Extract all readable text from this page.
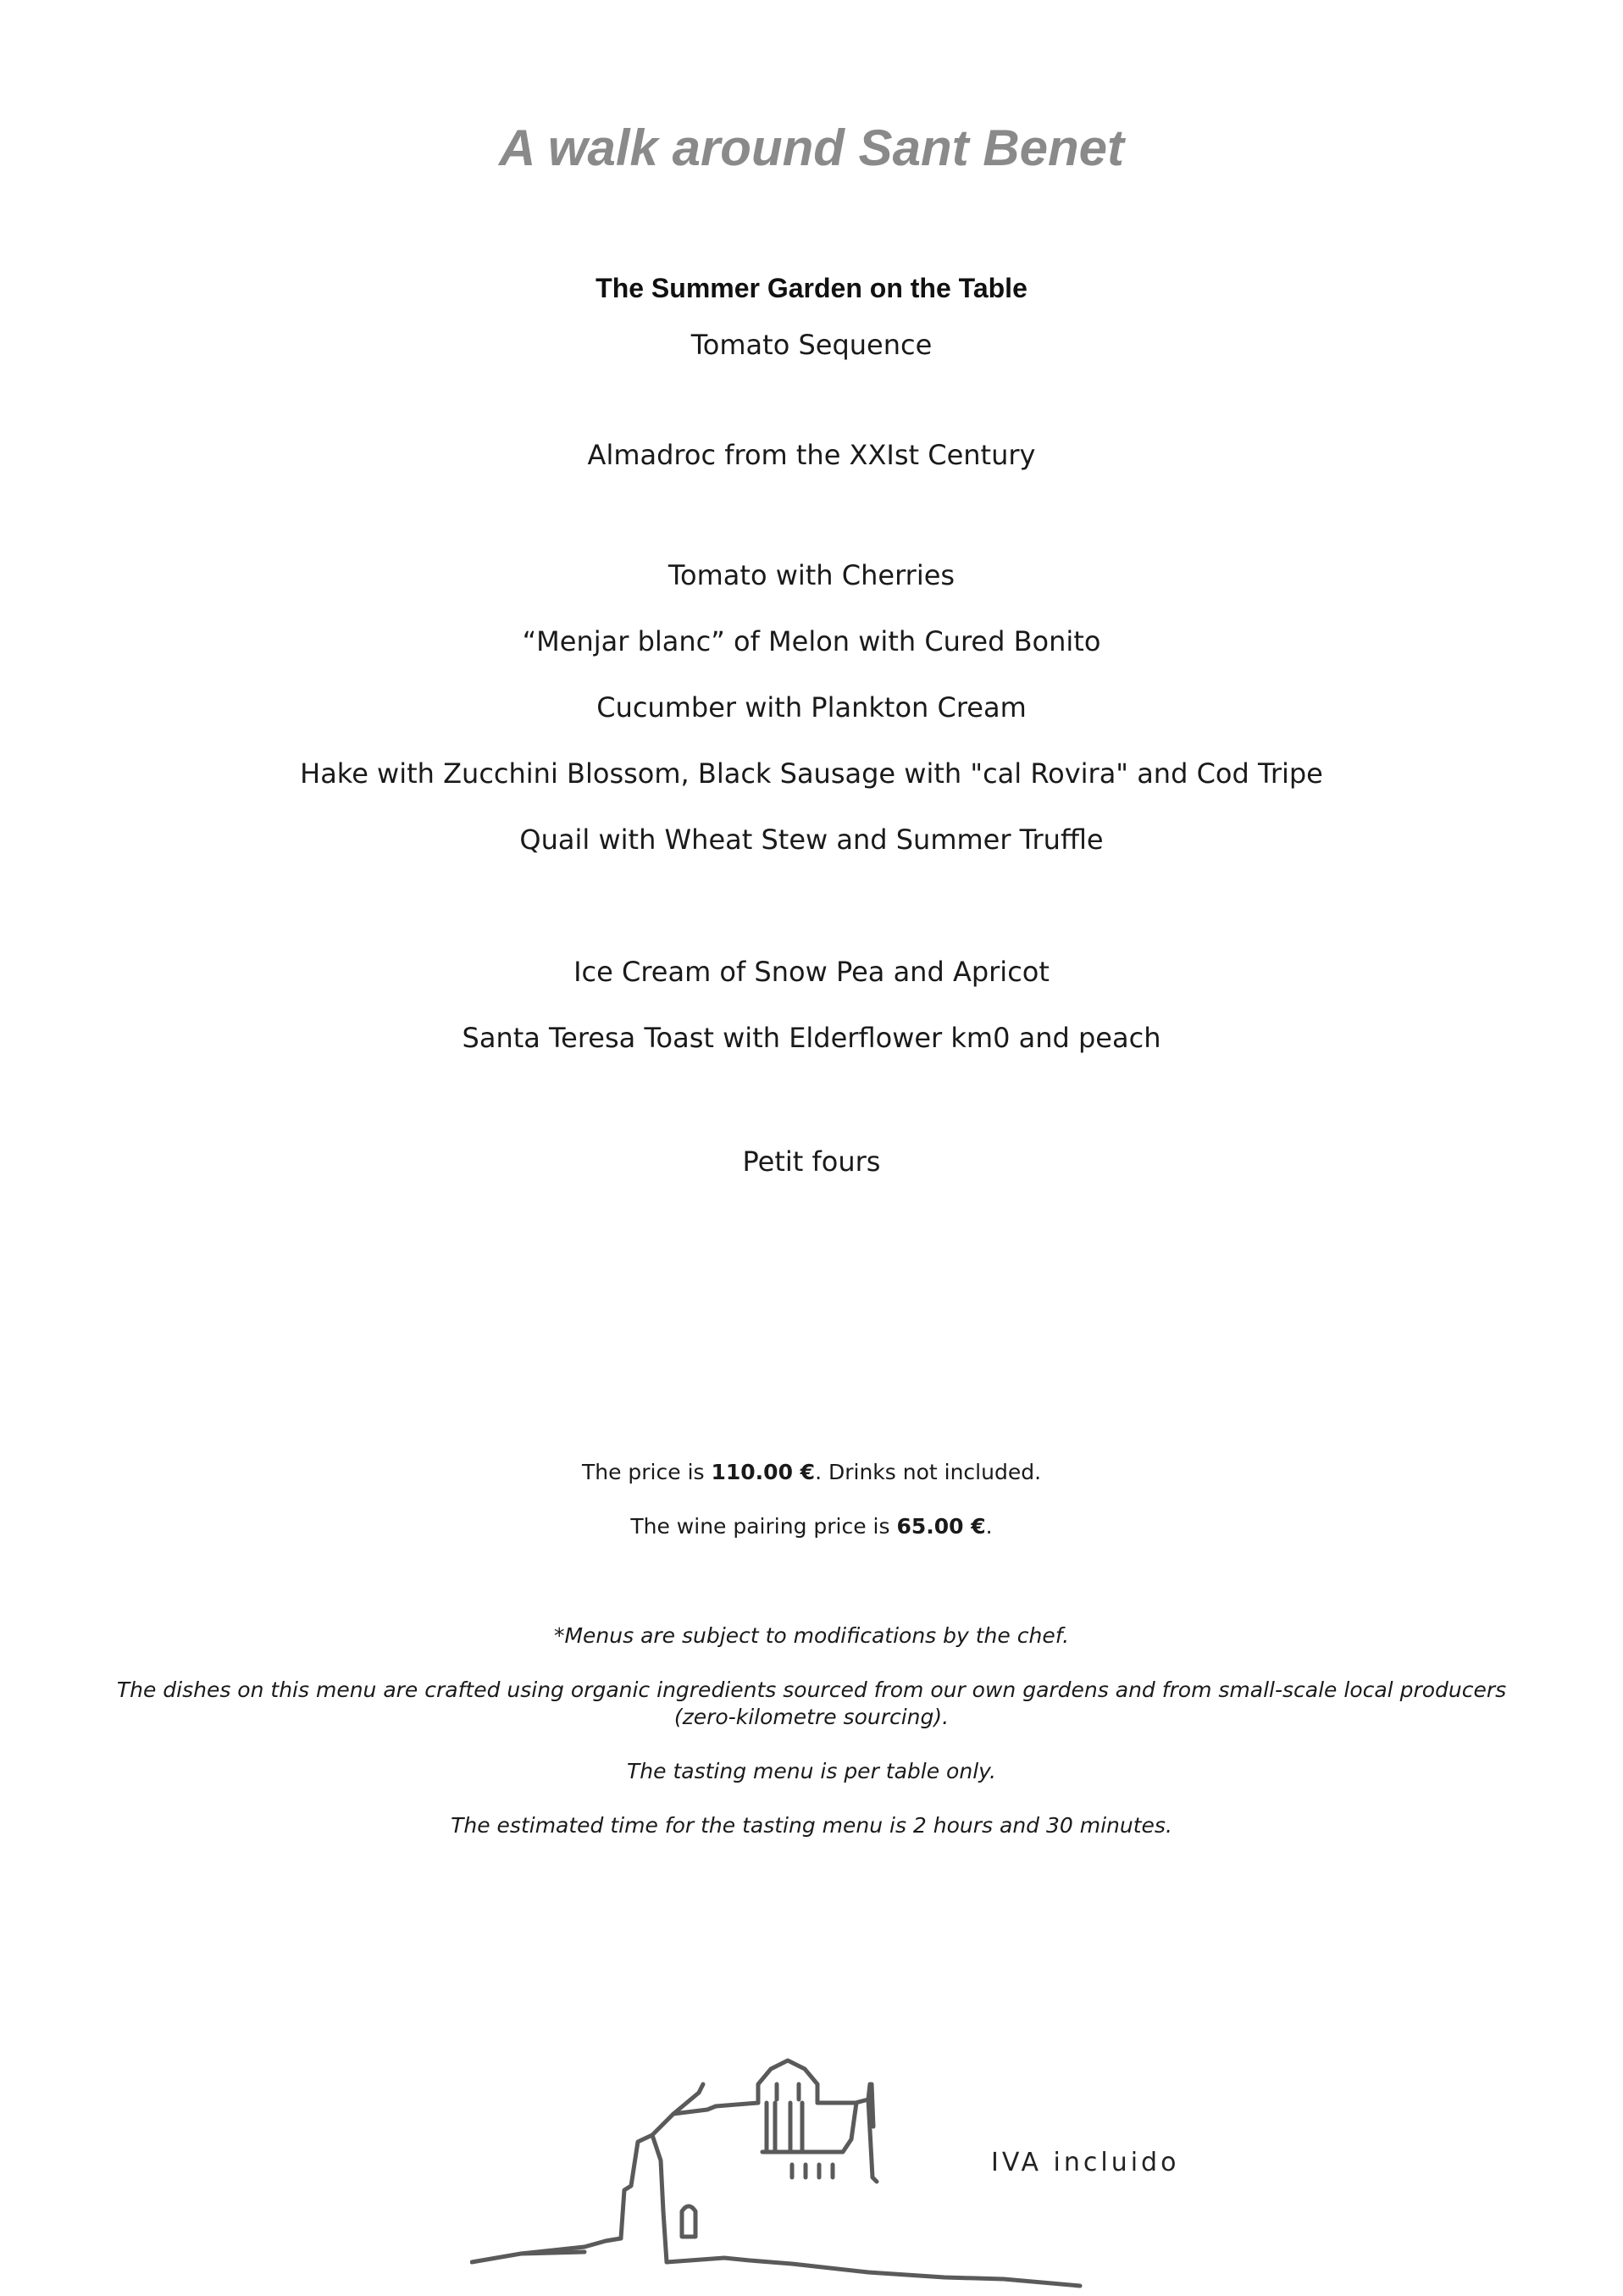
A walk around Sant Benet
The Summer Garden on the Table
Tomato Sequence
Almadroc from the XXIst Century
Tomato with Cherries
“Menjar blanc” of Melon with Cured Bonito
Cucumber with Plankton Cream
Hake with Zucchini Blossom, Black Sausage with "cal Rovira" and Cod Tripe
Quail with Wheat Stew and Summer Truffle
Ice Cream of Snow Pea and Apricot
Santa Teresa Toast with Elderflower km0 and peach
Petit fours
The price is 110.00 €. Drinks not included.
The wine pairing price is 65.00 €.
*Menus are subject to modifications by the chef.
The dishes on this menu are crafted using organic ingredients sourced from our own gardens and from small-scale local producers (zero-kilometre sourcing).
The tasting menu is per table only.
The estimated time for the tasting menu is 2 hours and 30 minutes.
IVA incluido
